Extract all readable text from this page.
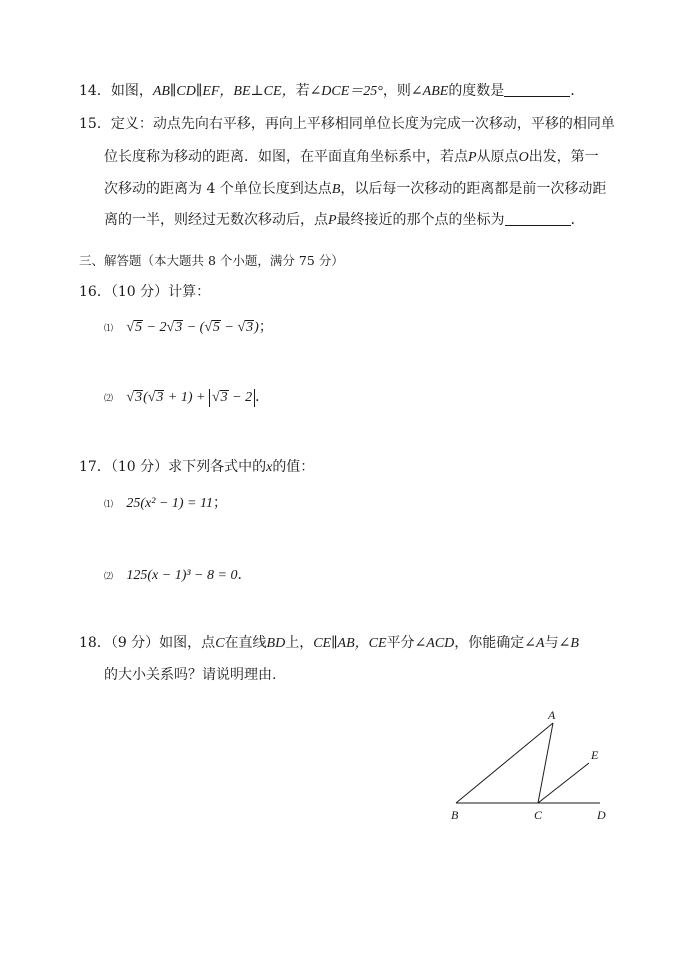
14．如图，AB∥CD∥EF，BE⊥CE，若∠DCE＝25°，则∠ABE的度数是	．
15．定义：动点先向右平移，再向上平移相同单位长度为完成一次移动，平移的相同单
位长度称为移动的距离．如图，在平面直角坐标系中，若点P从原点O出发，第一
次移动的距离为 4 个单位长度到达点B，以后每一次移动的距离都是前一次移动距
离的一半，则经过无数次移动后，点P最终接近的那个点的坐标为	．
三、解答题（本大题共 8 个小题，满分 75 分）
16．（10 分）计算：
⑴ √5 − 2√3 − (√5 − √3)；
⑵ √3(√3 + 1) + √3 − 2 ．
17．（10 分）求下列各式中的x的值：
⑴ 25(x² − 1) = 11；
⑵ 125(x − 1)³ − 8 = 0．
18．（9 分）如图，点C在直线BD上，CE∥AB，CE平分∠ACD，你能确定∠A与∠B
的大小关系吗？请说明理由.
A
B	C	D
E
